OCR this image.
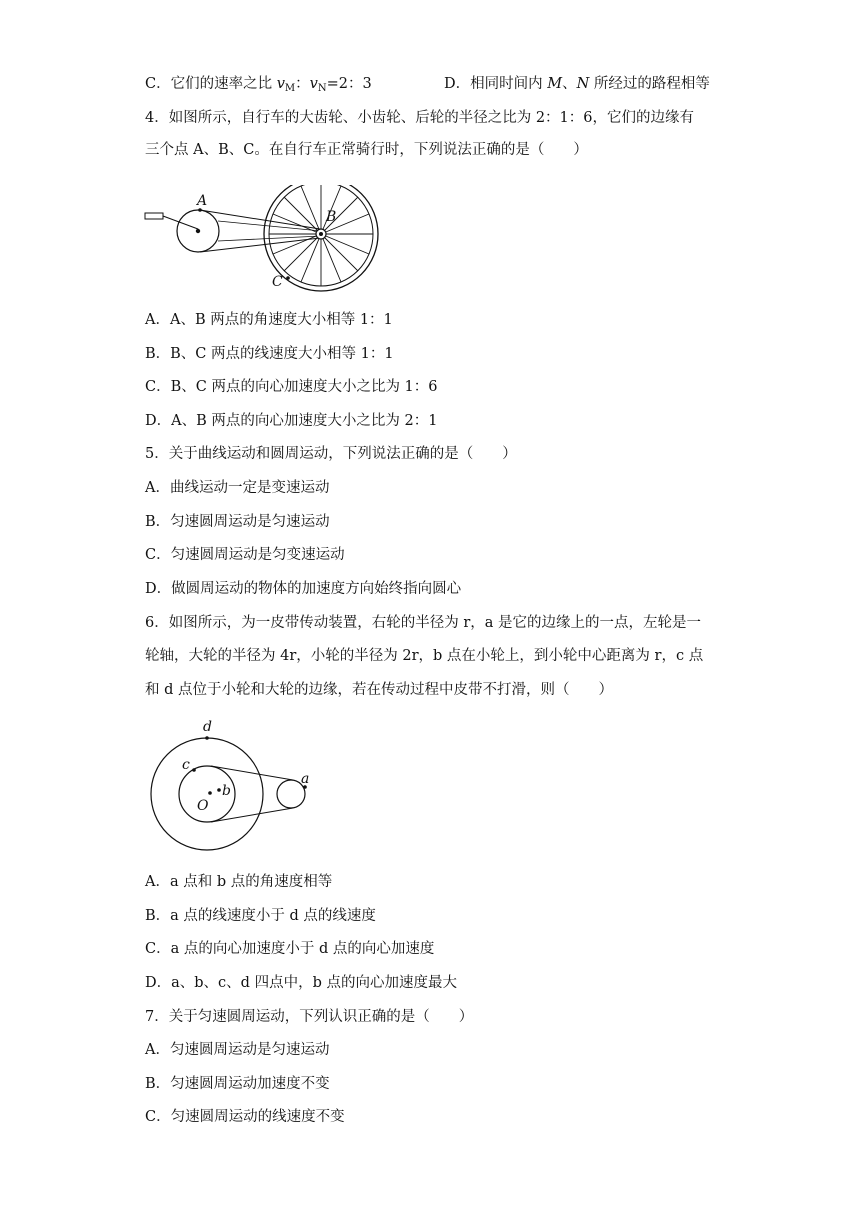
C．它们的速率之比 $v_M$：$v_N=2$：3	D．相同时间内 M、N 所经过的路程相等
4．如图所示，自行车的大齿轮、小齿轮、后轮的半径之比为 2：1：6，它们的边缘有
三个点 A、B、C。在自行车正常骑行时，下列说法正确的是（　　）
A
B
C
A．A、B 两点的角速度大小相等 1：1
B．B、C 两点的线速度大小相等 1：1
C．B、C 两点的向心加速度大小之比为 1：6
D．A、B 两点的向心加速度大小之比为 2：1
5．关于曲线运动和圆周运动，下列说法正确的是（　　）
A．曲线运动一定是变速运动
B．匀速圆周运动是匀速运动
C．匀速圆周运动是匀变速运动
D．做圆周运动的物体的加速度方向始终指向圆心
6．如图所示，为一皮带传动装置，右轮的半径为 r，a 是它的边缘上的一点，左轮是一
轮轴，大轮的半径为 4r，小轮的半径为 2r，b 点在小轮上，到小轮中心距离为 r，c 点
和 d 点位于小轮和大轮的边缘，若在传动过程中皮带不打滑，则（　　）
d
c
b
O
a
A．a 点和 b 点的角速度相等
B．a 点的线速度小于 d 点的线速度
C．a 点的向心加速度小于 d 点的向心加速度
D．a、b、c、d 四点中，b 点的向心加速度最大
7．关于匀速圆周运动，下列认识正确的是（　　）
A．匀速圆周运动是匀速运动
B．匀速圆周运动加速度不变
C．匀速圆周运动的线速度不变
